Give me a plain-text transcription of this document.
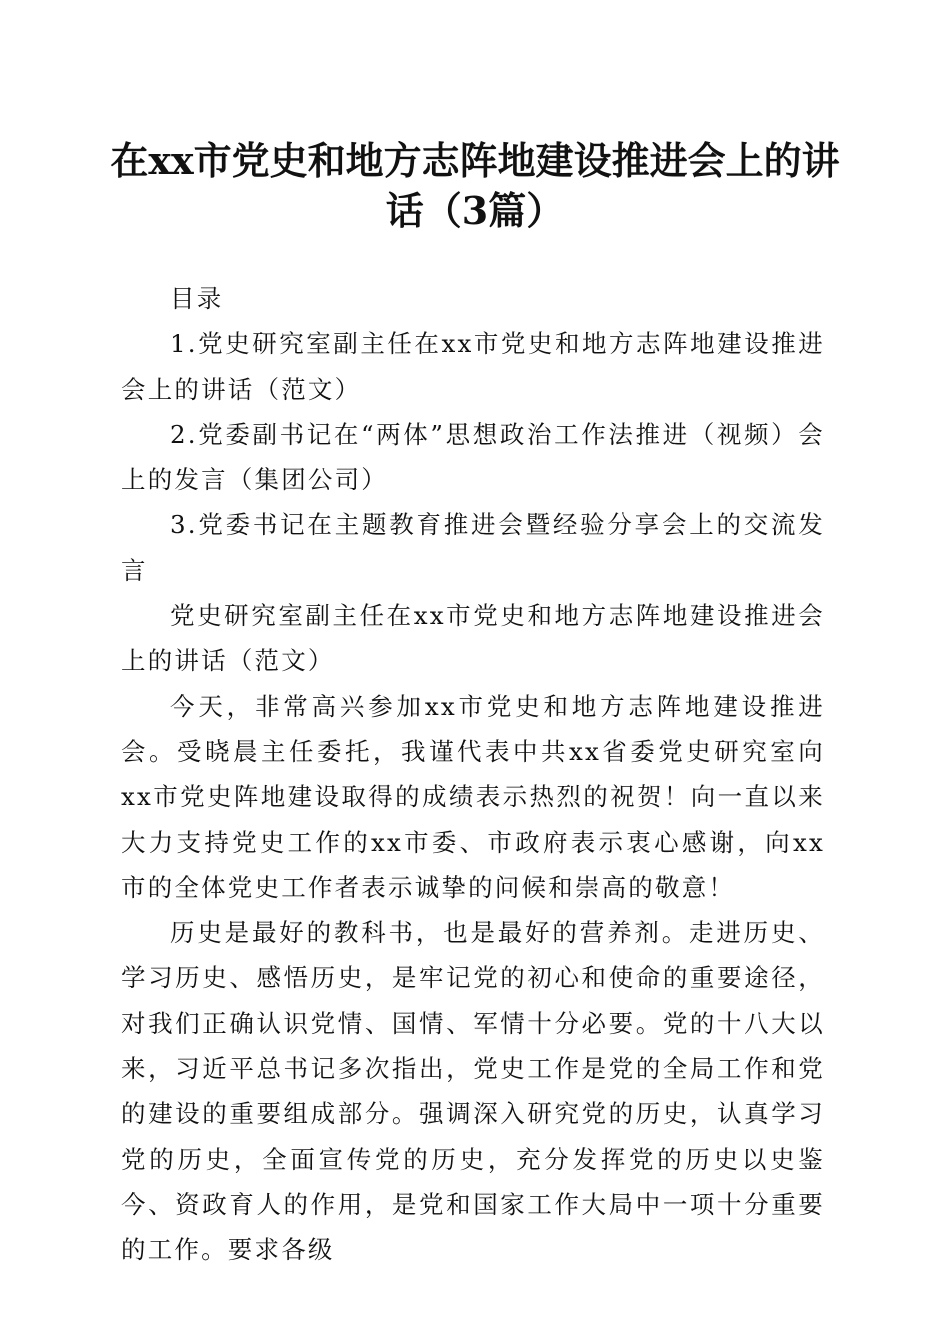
在xx市党史和地方志阵地建设推进会上的讲话（3篇）

目录

1.党史研究室副主任在xx市党史和地方志阵地建设推进会上的讲话（范文）

2.党委副书记在“两体”思想政治工作法推进（视频）会上的发言（集团公司）

3.党委书记在主题教育推进会暨经验分享会上的交流发言

党史研究室副主任在xx市党史和地方志阵地建设推进会上的讲话（范文）

今天，非常高兴参加xx市党史和地方志阵地建设推进会。受晓晨主任委托，我谨代表中共xx省委党史研究室向xx市党史阵地建设取得的成绩表示热烈的祝贺！向一直以来大力支持党史工作的xx市委、市政府表示衷心感谢，向xx市的全体党史工作者表示诚挚的问候和崇高的敬意！

历史是最好的教科书，也是最好的营养剂。走进历史、学习历史、感悟历史，是牢记党的初心和使命的重要途径，对我们正确认识党情、国情、军情十分必要。党的十八大以来，习近平总书记多次指出，党史工作是党的全局工作和党的建设的重要组成部分。强调深入研究党的历史，认真学习党的历史，全面宣传党的历史，充分发挥党的历史以史鉴今、资政育人的作用，是党和国家工作大局中一项十分重要的工作。要求各级
